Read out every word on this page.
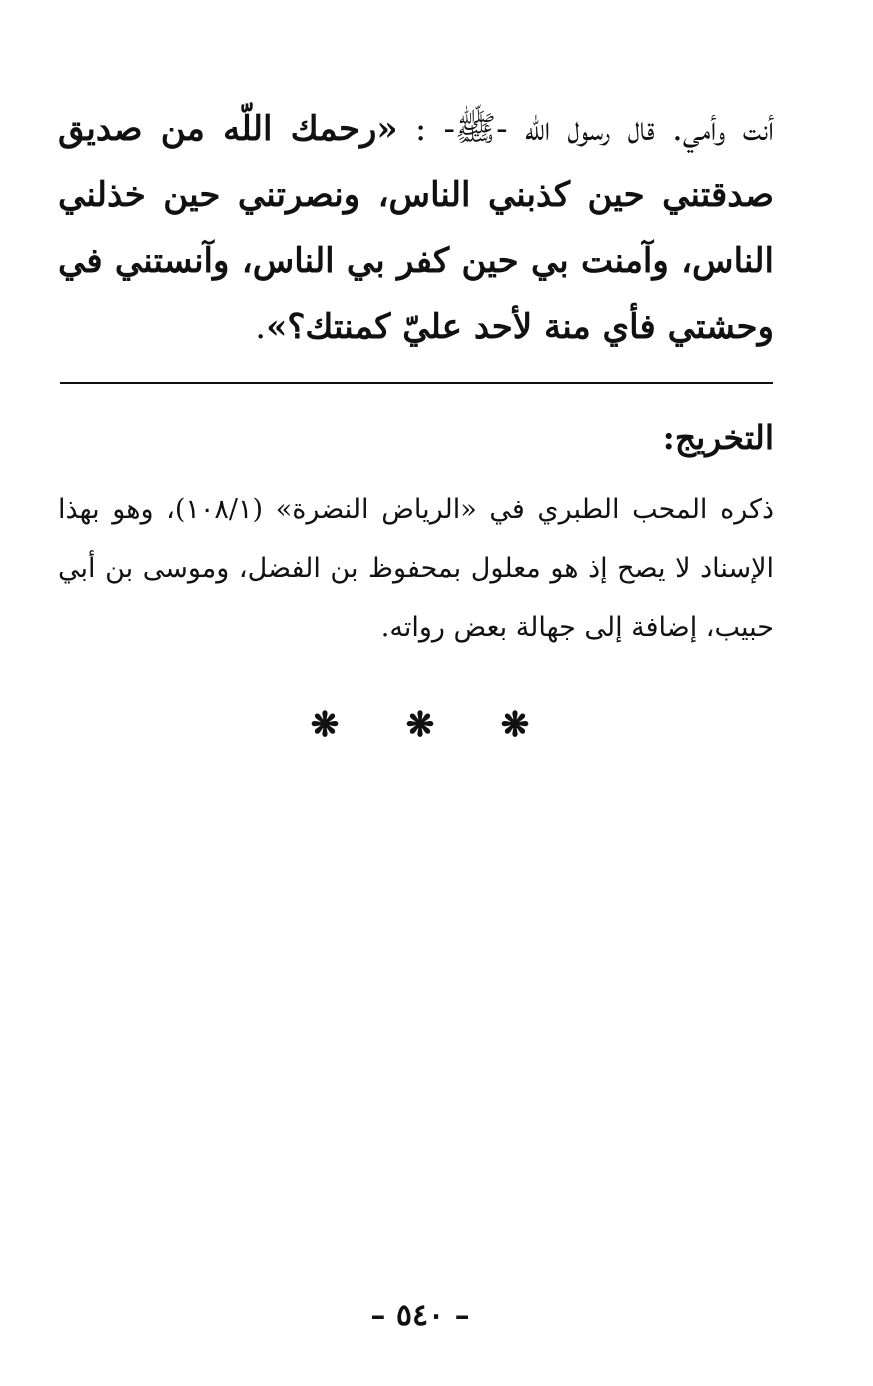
أنت وأمي. قال رسول اللّه -ﷺ- : «رحمك اللّه من صديق صدقتني حين كذبني الناس، ونصرتني حين خذلني الناس، وآمنت بي حين كفر بي الناس، وآنستني في وحشتي فأي منة لأحد عليّ كمنتك؟».

التخريج:

ذكره المحب الطبري في «الرياض النضرة» (١٠٨/١)، وهو بهذا الإسناد لا يصح إذ هو معلول بمحفوظ بن الفضل، وموسى بن أبي حبيب، إضافة إلى جهالة بعض رواته.

❋	❋	❋
– ٥٤٠ –
